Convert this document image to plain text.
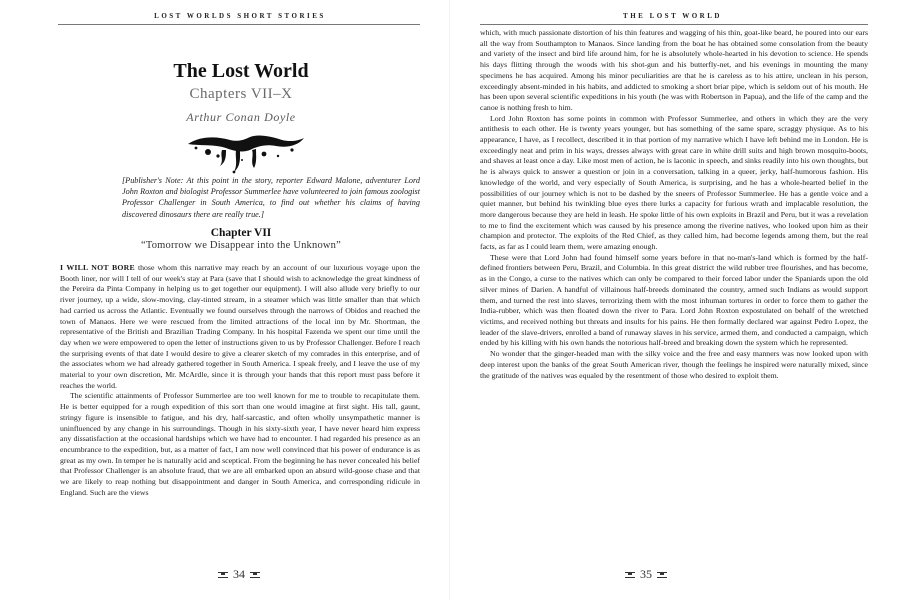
LOST WORLDS SHORT STORIES
The Lost World
Chapters VII–X
Arthur Conan Doyle
[Publisher's Note: At this point in the story, reporter Edward Malone, adventurer Lord John Roxton and biologist Professor Summerlee have volunteered to join famous zoologist Professor Challenger in South America, to find out whether his claims of having discovered dinosaurs there are really true.]
Chapter VII
“Tomorrow we Disappear into the Unknown”

I WILL NOT BORE those whom this narrative may reach by an account of our luxurious voyage upon the Booth liner, nor will I tell of our week's stay at Para (save that I should wish to acknowledge the great kindness of the Pereira da Pinta Company in helping us to get together our equipment). I will also allude very briefly to our river journey, up a wide, slow-moving, clay-tinted stream, in a steamer which was little smaller than that which had carried us across the Atlantic. Eventually we found ourselves through the narrows of Obidos and reached the town of Manaos. Here we were rescued from the limited attractions of the local inn by Mr. Shortman, the representative of the British and Brazilian Trading Company. In his hospital Fazenda we spent our time until the day when we were empowered to open the letter of instructions given to us by Professor Challenger. Before I reach the surprising events of that date I would desire to give a clearer sketch of my comrades in this enterprise, and of the associates whom we had already gathered together in South America. I speak freely, and I leave the use of my material to your own discretion, Mr. McArdle, since it is through your hands that this report must pass before it reaches the world.

The scientific attainments of Professor Summerlee are too well known for me to trouble to recapitulate them. He is better equipped for a rough expedition of this sort than one would imagine at first sight. His tall, gaunt, stringy figure is insensible to fatigue, and his dry, half-sarcastic, and often wholly unsympathetic manner is uninfluenced by any change in his surroundings. Though in his sixty-sixth year, I have never heard him express any dissatisfaction at the occasional hardships which we have had to encounter. I had regarded his presence as an encumbrance to the expedition, but, as a matter of fact, I am now well convinced that his power of endurance is as great as my own. In temper he is naturally acid and sceptical. From the beginning he has never concealed his belief that Professor Challenger is an absolute fraud, that we are all embarked upon an absurd wild-goose chase and that we are likely to reap nothing but disappointment and danger in South America, and corresponding ridicule in England. Such are the views

34
THE LOST WORLD

which, with much passionate distortion of his thin features and wagging of his thin, goat-like beard, he poured into our ears all the way from Southampton to Manaos. Since landing from the boat he has obtained some consolation from the beauty and variety of the insect and bird life around him, for he is absolutely whole-hearted in his devotion to science. He spends his days flitting through the woods with his shot-gun and his butterfly-net, and his evenings in mounting the many specimens he has acquired. Among his minor peculiarities are that he is careless as to his attire, unclean in his person, exceedingly absent-minded in his habits, and addicted to smoking a short briar pipe, which is seldom out of his mouth. He has been upon several scientific expeditions in his youth (he was with Robertson in Papua), and the life of the camp and the canoe is nothing fresh to him.

Lord John Roxton has some points in common with Professor Summerlee, and others in which they are the very antithesis to each other. He is twenty years younger, but has something of the same spare, scraggy physique. As to his appearance, I have, as I recollect, described it in that portion of my narrative which I have left behind me in London. He is exceedingly neat and prim in his ways, dresses always with great care in white drill suits and high brown mosquito-boots, and shaves at least once a day. Like most men of action, he is laconic in speech, and sinks readily into his own thoughts, but he is always quick to answer a question or join in a conversation, talking in a queer, jerky, half-humorous fashion. His knowledge of the world, and very especially of South America, is surprising, and he has a whole-hearted belief in the possibilities of our journey which is not to be dashed by the sneers of Professor Summerlee. He has a gentle voice and a quiet manner, but behind his twinkling blue eyes there lurks a capacity for furious wrath and implacable resolution, the more dangerous because they are held in leash. He spoke little of his own exploits in Brazil and Peru, but it was a revelation to me to find the excitement which was caused by his presence among the riverine natives, who looked upon him as their champion and protector. The exploits of the Red Chief, as they called him, had become legends among them, but the real facts, as far as I could learn them, were amazing enough.

These were that Lord John had found himself some years before in that no-man's-land which is formed by the half-defined frontiers between Peru, Brazil, and Columbia. In this great district the wild rubber tree flourishes, and has become, as in the Congo, a curse to the natives which can only be compared to their forced labor under the Spaniards upon the old silver mines of Darien. A handful of villainous half-breeds dominated the country, armed such Indians as would support them, and turned the rest into slaves, terrorizing them with the most inhuman tortures in order to force them to gather the India-rubber, which was then floated down the river to Para. Lord John Roxton expostulated on behalf of the wretched victims, and received nothing but threats and insults for his pains. He then formally declared war against Pedro Lopez, the leader of the slave-drivers, enrolled a band of runaway slaves in his service, armed them, and conducted a campaign, which ended by his killing with his own hands the notorious half-breed and breaking down the system which he represented.

No wonder that the ginger-headed man with the silky voice and the free and easy manners was now looked upon with deep interest upon the banks of the great South American river, though the feelings he inspired were naturally mixed, since the gratitude of the natives was equaled by the resentment of those who desired to exploit them.

35
